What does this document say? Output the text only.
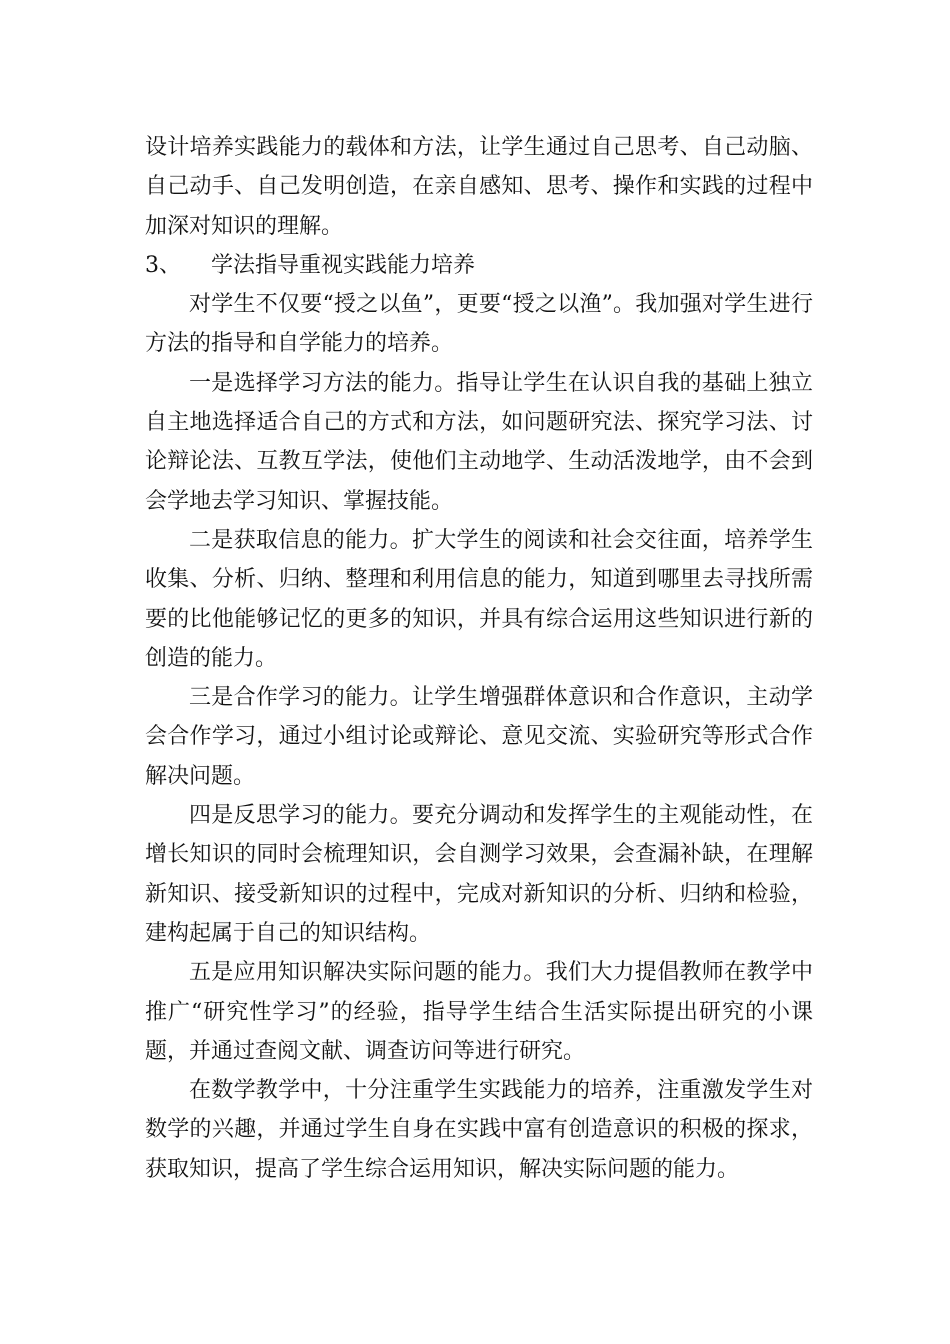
设计培养实践能力的载体和方法，让学生通过自己思考、自己动脑、自己动手、自己发明创造，在亲自感知、思考、操作和实践的过程中加深对知识的理解。

3、 学法指导重视实践能力培养

对学生不仅要“授之以鱼”，更要“授之以渔”。我加强对学生进行方法的指导和自学能力的培养。

一是选择学习方法的能力。指导让学生在认识自我的基础上独立自主地选择适合自己的方式和方法，如问题研究法、探究学习法、讨论辩论法、互教互学法，使他们主动地学、生动活泼地学，由不会到会学地去学习知识、掌握技能。

二是获取信息的能力。扩大学生的阅读和社会交往面，培养学生收集、分析、归纳、整理和利用信息的能力，知道到哪里去寻找所需要的比他能够记忆的更多的知识，并具有综合运用这些知识进行新的创造的能力。

三是合作学习的能力。让学生增强群体意识和合作意识，主动学会合作学习，通过小组讨论或辩论、意见交流、实验研究等形式合作解决问题。

四是反思学习的能力。要充分调动和发挥学生的主观能动性，在增长知识的同时会梳理知识，会自测学习效果，会查漏补缺，在理解新知识、接受新知识的过程中，完成对新知识的分析、归纳和检验，建构起属于自己的知识结构。

五是应用知识解决实际问题的能力。我们大力提倡教师在教学中推广“研究性学习”的经验，指导学生结合生活实际提出研究的小课题，并通过查阅文献、调查访问等进行研究。

在数学教学中，十分注重学生实践能力的培养，注重激发学生对数学的兴趣，并通过学生自身在实践中富有创造意识的积极的探求，获取知识，提高了学生综合运用知识，解决实际问题的能力。
